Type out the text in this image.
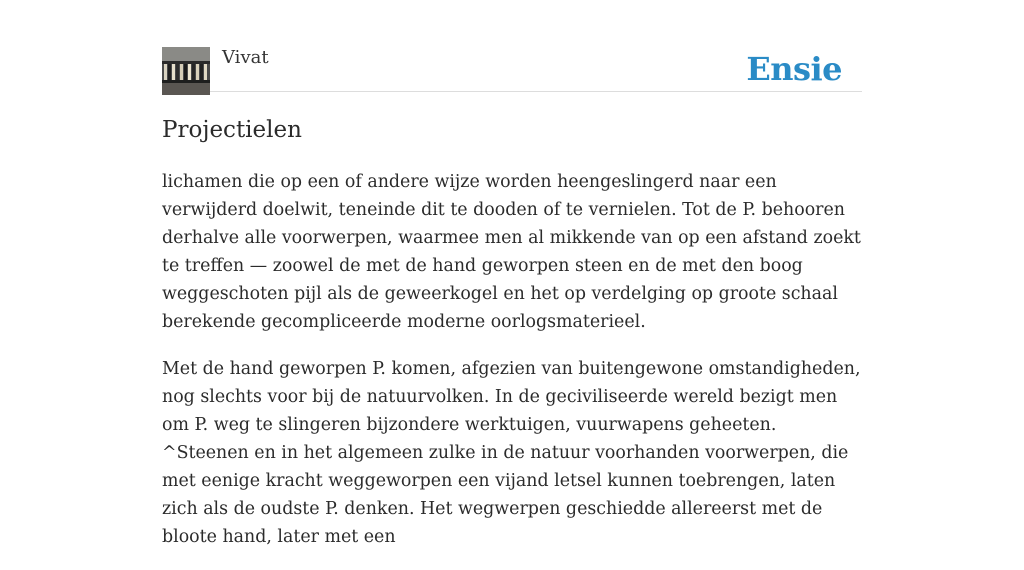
Vivat	Ensie
Projectielen

lichamen die op een of andere wijze worden heengeslingerd naar een verwijderd doelwit, teneinde dit te dooden of te vernielen. Tot de P. behooren derhalve alle voorwerpen, waarmee men al mikkende van op een afstand zoekt te treffen — zoowel de met de hand geworpen steen en de met den boog weggeschoten pijl als de geweerkogel en het op verdelging op groote schaal berekende gecompliceerde moderne oorlogsmaterieel.

Met de hand geworpen P. komen, afgezien van buitengewone omstandigheden, nog slechts voor bij de natuurvolken. In de geciviliseerde wereld bezigt men om P. weg te slingeren bijzondere werktuigen, vuurwapens geheeten. ^Steenen en in het algemeen zulke in de natuur voorhanden voorwerpen, die met eenige kracht weggeworpen een vijand letsel kunnen toebrengen, laten zich als de oudste P. denken. Het wegwerpen geschiedde allereerst met de bloote hand, later met een
